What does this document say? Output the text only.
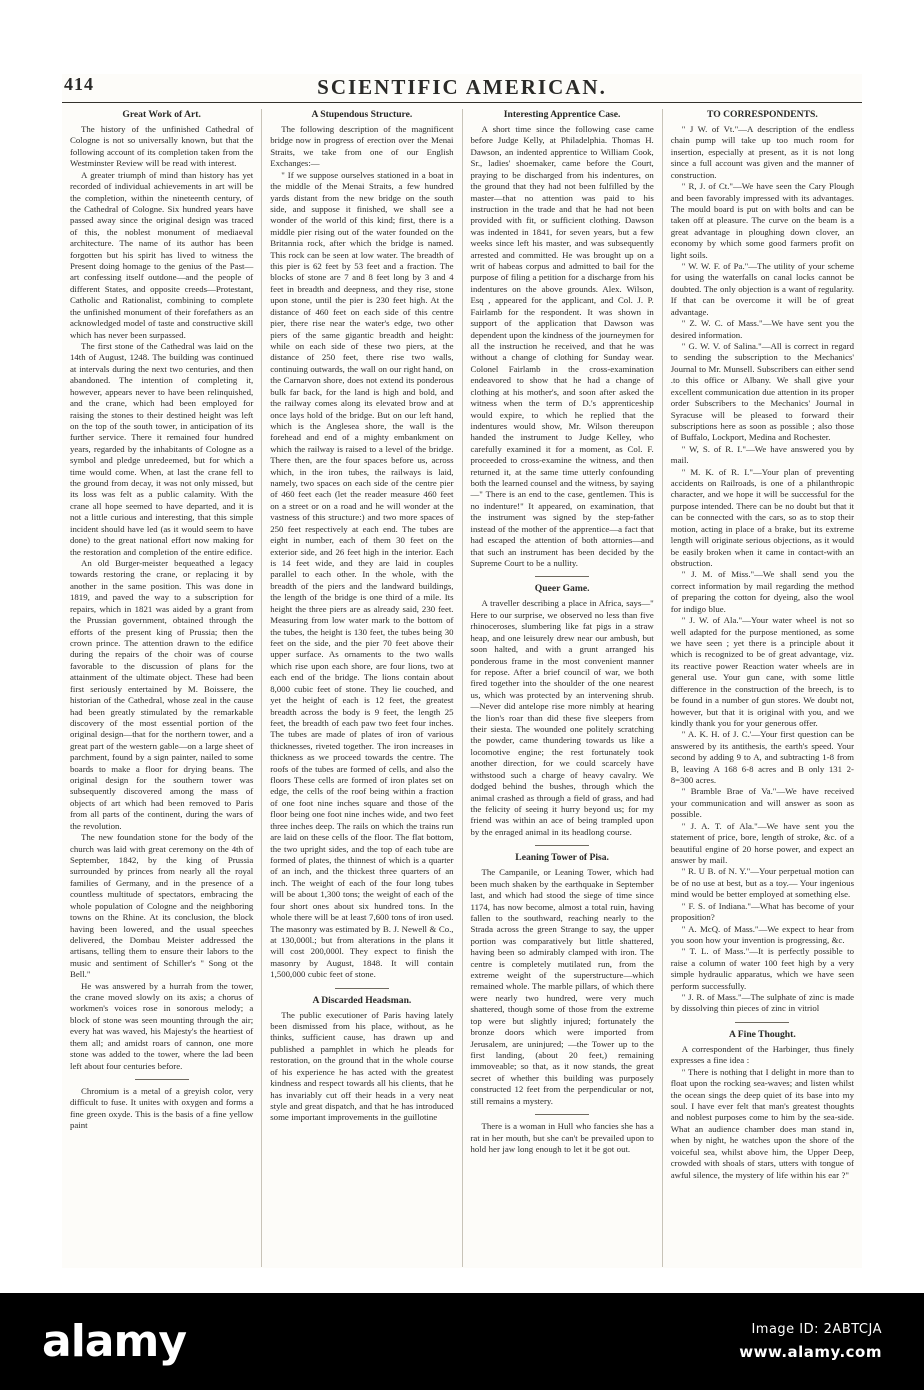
414	SCIENTIFIC AMERICAN.
Great Work of Art.

The history of the unfinished Cathedral of Cologne is not so universally known, but that the following account of its completion taken from the Westminster Review will be read with interest.

A greater triumph of mind than history has yet recorded of individual achievements in art will be the completion, within the nineteenth century, of the Cathedral of Cologne. Six hundred years have passed away since the original design was traced of this, the noblest monument of mediaeval architecture. The name of its author has been forgotten but his spirit has lived to witness the Present doing homage to the genius of the Past—art confessing itself outdone—and the people of different States, and opposite creeds—Protestant, Catholic and Rationalist, combining to complete the unfinished monument of their forefathers as an acknowledged model of taste and constructive skill which has never been surpassed.

The first stone of the Cathedral was laid on the 14th of August, 1248. The building was continued at intervals during the next two centuries, and then abandoned. The intention of completing it, however, appears never to have been relinquished, and the crane, which had been employed for raising the stones to their destined height was left on the top of the south tower, in anticipation of its further service. There it remained four hundred years, regarded by the inhabitants of Cologne as a symbol and pledge unredeemed, but for which a time would come. When, at last the crane fell to the ground from decay, it was not only missed, but its loss was felt as a public calamity. With the crane all hope seemed to have departed, and it is not a little curious and interesting, that this simple incident should have led (as it would seem to have done) to the great national effort now making for the restoration and completion of the entire edifice.

An old Burger-meister bequeathed a legacy towards restoring the crane, or replacing it by another in the same position. This was done in 1819, and paved the way to a subscription for repairs, which in 1821 was aided by a grant from the Prussian government, obtained through the efforts of the present king of Prussia; then the crown prince. The attention drawn to the edifice during the repairs of the choir was of course favorable to the discussion of plans for the attainment of the ultimate object. These had been first seriously entertained by M. Boissere, the historian of the Cathedral, whose zeal in the cause had been greatly stimulated by the remarkable discovery of the most essential portion of the original design—that for the northern tower, and a great part of the western gable—on a large sheet of parchment, found by a sign painter, nailed to some boards to make a floor for drying beans. The original design for the southern tower was subsequently discovered among the mass of objects of art which had been removed to Paris from all parts of the continent, during the wars of the revolution.

The new foundation stone for the body of the church was laid with great ceremony on the 4th of September, 1842, by the king of Prussia surrounded by princes from nearly all the royal families of Germany, and in the presence of a countless multitude of spectators, embracing the whole population of Cologne and the neighboring towns on the Rhine. At its conclusion, the block having been lowered, and the usual speeches delivered, the Dombau Meister addressed the artisans, telling them to ensure their labors to the music and sentiment of Schiller's " Song ot the Bell."

He was answered by a hurrah from the tower, the crane moved slowly on its axis; a chorus of workmen's voices rose in sonorous melody; a block of stone was seen mounting through the air; every hat was waved, his Majesty's the heartiest of them all; and amidst roars of cannon, one more stone was added to the tower, where the lad been left about four centuries before.

Chromium is a metal of a greyish color, very difficult to fuse. It unites with oxygen and forms a fine green oxyde. This is the basis of a fine yellow paint

A Stupendous Structure.

The following description of the magnificent bridge now in progress of erection over the Menai Straits, we take from one of our English Exchanges:—

" If we suppose ourselves stationed in a boat in the middle of the Menai Straits, a few hundred yards distant from the new bridge on the south side, and suppose it finished, we shall see a wonder of the world of this kind; first, there is a middle pier rising out of the water founded on the Britannia rock, after which the bridge is named. This rock can be seen at low water. The breadth of this pier is 62 feet by 53 feet and a fraction. The blocks of stone are 7 and 8 feet long by 3 and 4 feet in breadth and deepness, and they rise, stone upon stone, until the pier is 230 feet high. At the distance of 460 feet on each side of this centre pier, there rise near the water's edge, two other piers of the same gigantic breadth and height: while on each side of these two piers, at the distance of 250 feet, there rise two walls, continuing outwards, the wall on our right hand, on the Carnarvon shore, does not extend its ponderous bulk far back, for the land is high and bold, and the railway comes along its elevated brow and at once lays hold of the bridge. But on our left hand, which is the Anglesea shore, the wall is the forehead and end of a mighty embankment on which the railway is raised to a level of the bridge. There then, are the four spaces before us, across which, in the iron tubes, the railways is laid, namely, two spaces on each side of the centre pier of 460 feet each (let the reader measure 460 feet on a street or on a road and he will wonder at the vastness of this structure:) and two more spaces of 250 feet respectively at each end. The tubes are eight in number, each of them 30 feet on the exterior side, and 26 feet high in the interior. Each is 14 feet wide, and they are laid in couples parallel to each other. In the whole, with the breadth of the piers and the landward buildings, the length of the bridge is one third of a mile. Its height the three piers are as already said, 230 feet. Measuring from low water mark to the bottom of the tubes, the height is 130 feet, the tubes being 30 feet on the side, and the pier 70 feet above their upper surface. As ornaments to the two walls which rise upon each shore, are four lions, two at each end of the bridge. The lions contain about 8,000 cubic feet of stone. They lie couched, and yet the height of each is 12 feet, the greatest breadth across the body is 9 feet, the length 25 feet, the breadth of each paw two feet four inches. The tubes are made of plates of iron of various thicknesses, riveted together. The iron increases in thickness as we proceed towards the centre. The roofs of the tubes are formed of cells, and also the floors These cells are formed of iron plates set on edge, the cells of the roof being within a fraction of one foot nine inches square and those of the floor being one foot nine inches wide, and two feet three inches deep. The rails on which the trains run are laid on these cells of the floor. The flat bottom, the two upright sides, and the top of each tube are formed of plates, the thinnest of which is a quarter of an inch, and the thickest three quarters of an inch. The weight of each of the four long tubes will be about 1,300 tons; the weight of each of the four short ones about six hundred tons. In the whole there will be at least 7,600 tons of iron used. The masonry was estimated by B. J. Newell & Co., at 130,000l.; but from alterations in the plans it will cost 200,000l. They expect to finish the masonry by August, 1848. It will contain 1,500,000 cubic feet of stone.

A Discarded Headsman.

The public executioner of Paris having lately been dismissed from his place, without, as he thinks, sufficient cause, has drawn up and published a pamphlet in which he pleads for restoration, on the ground that in the whole course of his experience he has acted with the greatest kindness and respect towards all his clients, that he has invariably cut off their heads in a very neat style and great dispatch, and that he has introduced some important improvements in the guillotine

Interesting Apprentice Case.

A short time since the following case came before Judge Kelly, at Philadelphia. Thomas H. Dawson, an indented apprentice to William Cook, Sr., ladies' shoemaker, came before the Court, praying to be discharged from his indentures, on the ground that they had not been fulfilled by the master—that no attention was paid to his instruction in the trade and that he had not been provided with fit, or sufficient clothing. Dawson was indented in 1841, for seven years, but a few weeks since left his master, and was subsequently arrested and committed. He was brought up on a writ of habeas corpus and admitted to bail for the purpose of filing a petition for a discharge from his indentures on the above grounds. Alex. Wilson, Esq , appeared for the applicant, and Col. J. P. Fairlamb for the respondent. It was shown in support of the application that Dawson was dependent upon the kindness of the journeymen for all the instruction he received, and that he was without a change of clothing for Sunday wear. Colonel Fairlamb in the cross-examination endeavored to show that he had a change of clothing at his mother's, and soon after asked the witness when the term of D.'s apprenticeship would expire, to which he replied that the indentures would show, Mr. Wilson thereupon handed the instrument to Judge Kelley, who carefully examined it for a moment, as Col. F. proceeded to cross-examine the witness, and then returned it, at the same time utterly confounding both the learned counsel and the witness, by saying—" There is an end to the case, gentlemen. This is no indenture!" It appeared, on examination, that the instrument was signed by the step-father instead of the mother of the apprentice—a fact that had escaped the attention of both attornies—and that such an instrument has been decided by the Supreme Court to be a nullity.

Queer Game.

A traveller describing a place in Africa, says—" Here to our surprise, we observed no less than five rhinoceroses, slumbering like fat pigs in a straw heap, and one leisurely drew near our ambush, but soon halted, and with a grunt arranged his ponderous frame in the most convenient manner for repose. After a brief council of war, we both fired together into the shoulder of the one nearest us, which was protected by an intervening shrub. —Never did antelope rise more nimbly at hearing the lion's roar than did these five sleepers from their siesta. The wounded one politely scratching the powder, came thundering towards us like a locomotive engine; the rest fortunately took another direction, for we could scarcely have withstood such a charge of heavy cavalry. We dodged behind the bushes, through which the animal crashed as through a field of grass, and had the felicity of seeing it hurry beyond us; for my friend was within an ace of being trampled upon by the enraged animal in its headlong course.

Leaning Tower of Pisa.

The Campanile, or Leaning Tower, which had been much shaken by the earthquake in September last, and which had stood the siege of time since 1174, has now become, almost a total ruin, having fallen to the southward, reaching nearly to the Strada across the green Strange to say, the upper portion was comparatively but little shattered, having been so admirably clamped with iron. The centre is completely mutilated run, from the extreme weight of the superstructure—which remained whole. The marble pillars, of which there were nearly two hundred, were very much shattered, though some of those from the extreme top were but slightly injured; fortunately the bronze doors which were imported from Jerusalem, are uninjured; —the Tower up to the first landing, (about 20 feet,) remaining immoveable; so that, as it now stands, the great secret of whether this building was purposely constructed 12 feet from the perpendicular or not, still remains a mystery.

There is a woman in Hull who fancies she has a rat in her mouth, but she can't be prevailed upon to hold her jaw long enough to let it be got out.

TO CORRESPONDENTS.

" J W. of Vt."—A description of the endless chain pump will take up too much room for insertion, especially at present, as it is not long since a full account was given and the manner of construction.

" R, J. of Ct."—We have seen the Cary Plough and been favorably impressed with its advantages. The mould board is put on with bolts and can be taken off at pleasure. The curve on the beam is a great advantage in ploughing down clover, an economy by which some good farmers profit on light soils.

" W. W. F. of Pa."—The utility of your scheme for using the waterfalls on canal locks cannot be doubted. The only objection is a want of regularity. If that can be overcome it will be of great advantage.

" Z. W. C. of Mass."—We have sent you the desired information.

" G. W. V. of Salina."—All is correct in regard to sending the subscription to the Mechanics' Journal to Mr. Munsell. Subscribers can either send .to this office or Albany. We shall give your excellent communication due attention in its proper order Subscribers to the Mechanics' Journal in Syracuse will be pleased to forward their subscriptions here as soon as possible ; also those of Buffalo, Lockport, Medina and Rochester.

" W, S. of R. I."—We have answered you by mail.

" M. K. of R. I."—Your plan of preventing accidents on Railroads, is one of a philanthropic character, and we hope it will be successful for the purpose intended. There can be no doubt but that it can be connected with the cars, so as to stop their motion, acting in place of a brake, but its extreme length will originate serious objections, as it would be easily broken when it came in contact-with an obstruction.

" J. M. of Miss."—We shall send you the correct information by mail regarding the method of preparing the cotton for dyeing, also the wool for indigo blue.

" J. W. of Ala."—Your water wheel is not so well adapted for the purpose mentioned, as some we have seen ; yet there is a principle about it which is recognized to be of great advantage, viz. its reactive power Reaction water wheels are in general use. Your gun cane, with some little difference in the construction of the breech, is to be found in a number of gun stores. We doubt not, however, but that it is original with you, and we kindly thank you for your generous offer.

" A. K. H. of J. C.'—Your first question can be answered by its antithesis, the earth's speed. Your second by adding 9 to A, and subtracting 1-8 from B, leaving A 168 6-8 acres and B only 131 2-8=300 acres.

" Bramble Brae of Va."—We have received your communication and will answer as soon as possible.

" J. A. T. of Ala."—We have sent you the statement of price, bore, length of stroke, &c. of a beautiful engine of 20 horse power, and expect an answer by mail.

" R. U B. of N. Y."—Your perpetual motion can be of no use at best, but as a toy.— Your ingenious mind would be better employed at something else.

" F. S. of Indiana."—What has become of your proposition?

" A. McQ. of Mass."—We expect to hear from you soon how your invention is progressing, &c.

" T. L. of Mass."—It is perfectly possible to raise a column of water 100 feet high by a very simple hydraulic apparatus, which we have seen perform successfully.

" J. R. of Mass."—The sulphate of zinc is made by dissolving thin pieces of zinc in vitriol

A Fine Thought.

A correspondent of the Harbinger, thus finely expresses a fine idea :

" There is nothing that I delight in more than to float upon the rocking sea-waves; and listen whilst the ocean sings the deep quiet of its base into my soul. I have ever felt that man's greatest thoughts and noblest purposes come to him by the sea-side. What an audience chamber does man stand in, when by night, he watches upon the shore of the voiceful sea, whilst above him, the Upper Deep, crowded with shoals of stars, utters with tongue of awful silence, the mystery of life within his ear ?"

alamy	Image ID: 2ABTCJA
www.alamy.com
